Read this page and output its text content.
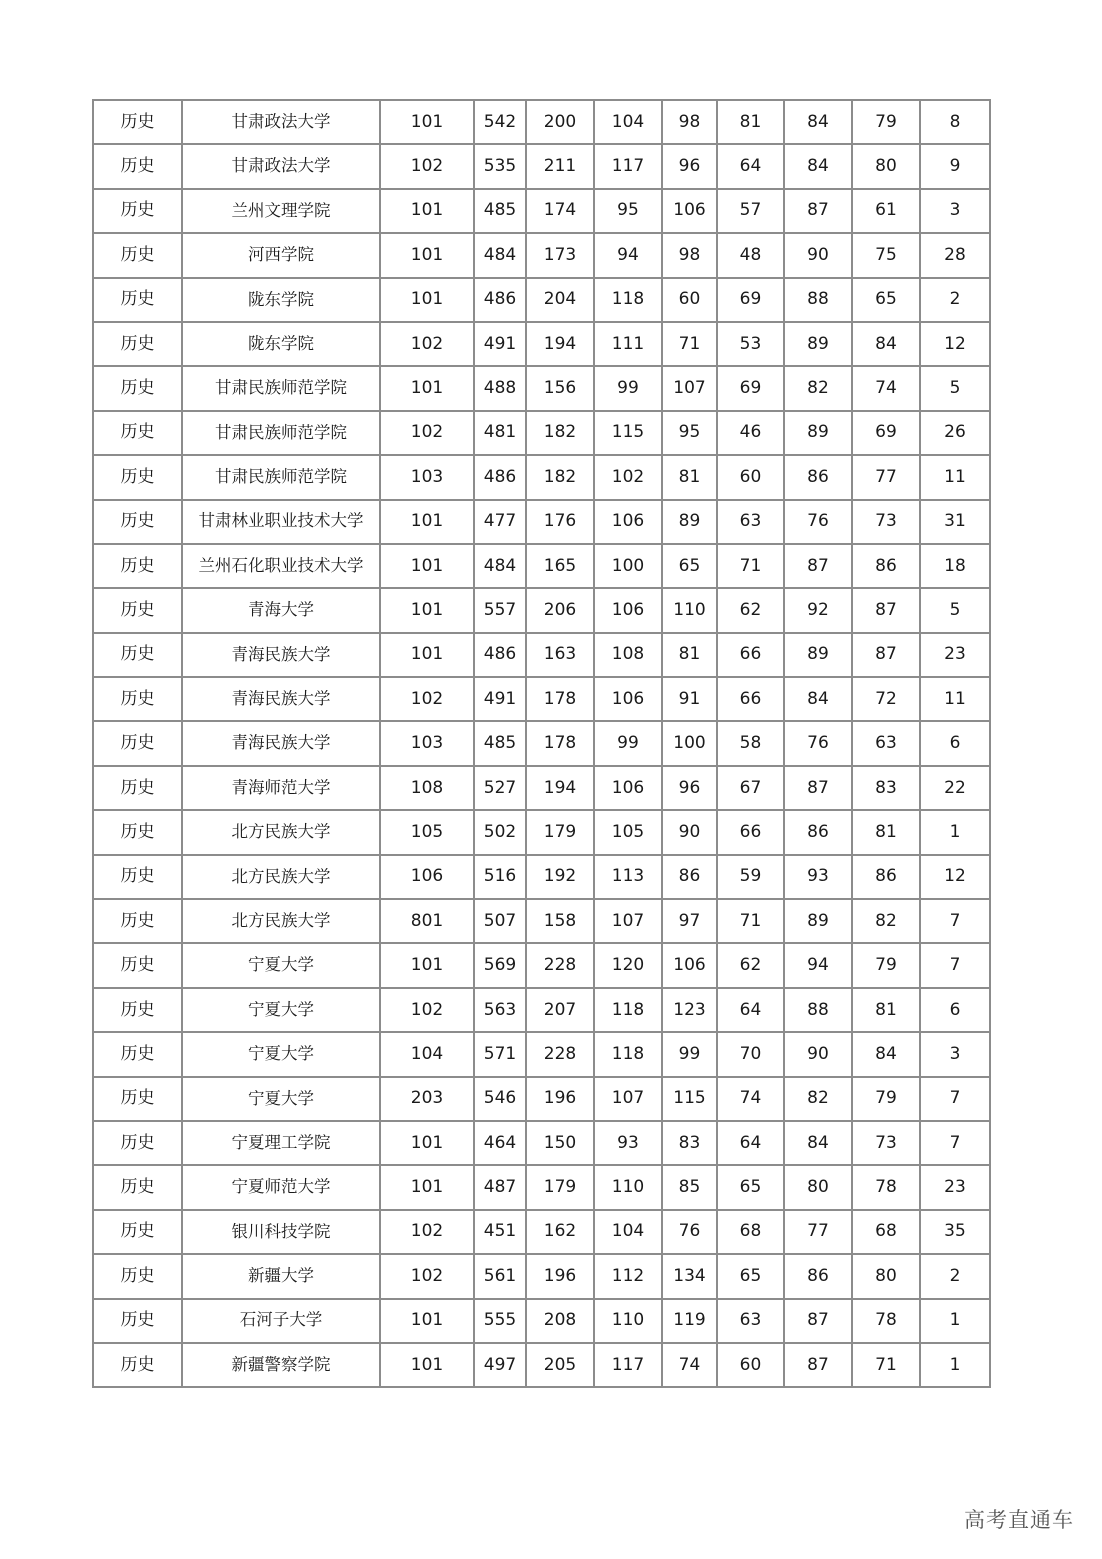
历史	甘肃政法大学	101	542	200	104	98	81	84	79	8
历史	甘肃政法大学	102	535	211	117	96	64	84	80	9
历史	兰州文理学院	101	485	174	95	106	57	87	61	3
历史	河西学院	101	484	173	94	98	48	90	75	28
历史	陇东学院	101	486	204	118	60	69	88	65	2
历史	陇东学院	102	491	194	111	71	53	89	84	12
历史	甘肃民族师范学院	101	488	156	99	107	69	82	74	5
历史	甘肃民族师范学院	102	481	182	115	95	46	89	69	26
历史	甘肃民族师范学院	103	486	182	102	81	60	86	77	11
历史	甘肃林业职业技术大学	101	477	176	106	89	63	76	73	31
历史	兰州石化职业技术大学	101	484	165	100	65	71	87	86	18
历史	青海大学	101	557	206	106	110	62	92	87	5
历史	青海民族大学	101	486	163	108	81	66	89	87	23
历史	青海民族大学	102	491	178	106	91	66	84	72	11
历史	青海民族大学	103	485	178	99	100	58	76	63	6
历史	青海师范大学	108	527	194	106	96	67	87	83	22
历史	北方民族大学	105	502	179	105	90	66	86	81	1
历史	北方民族大学	106	516	192	113	86	59	93	86	12
历史	北方民族大学	801	507	158	107	97	71	89	82	7
历史	宁夏大学	101	569	228	120	106	62	94	79	7
历史	宁夏大学	102	563	207	118	123	64	88	81	6
历史	宁夏大学	104	571	228	118	99	70	90	84	3
历史	宁夏大学	203	546	196	107	115	74	82	79	7
历史	宁夏理工学院	101	464	150	93	83	64	84	73	7
历史	宁夏师范大学	101	487	179	110	85	65	80	78	23
历史	银川科技学院	102	451	162	104	76	68	77	68	35
历史	新疆大学	102	561	196	112	134	65	86	80	2
历史	石河子大学	101	555	208	110	119	63	87	78	1
历史	新疆警察学院	101	497	205	117	74	60	87	71	1
高考直通车
